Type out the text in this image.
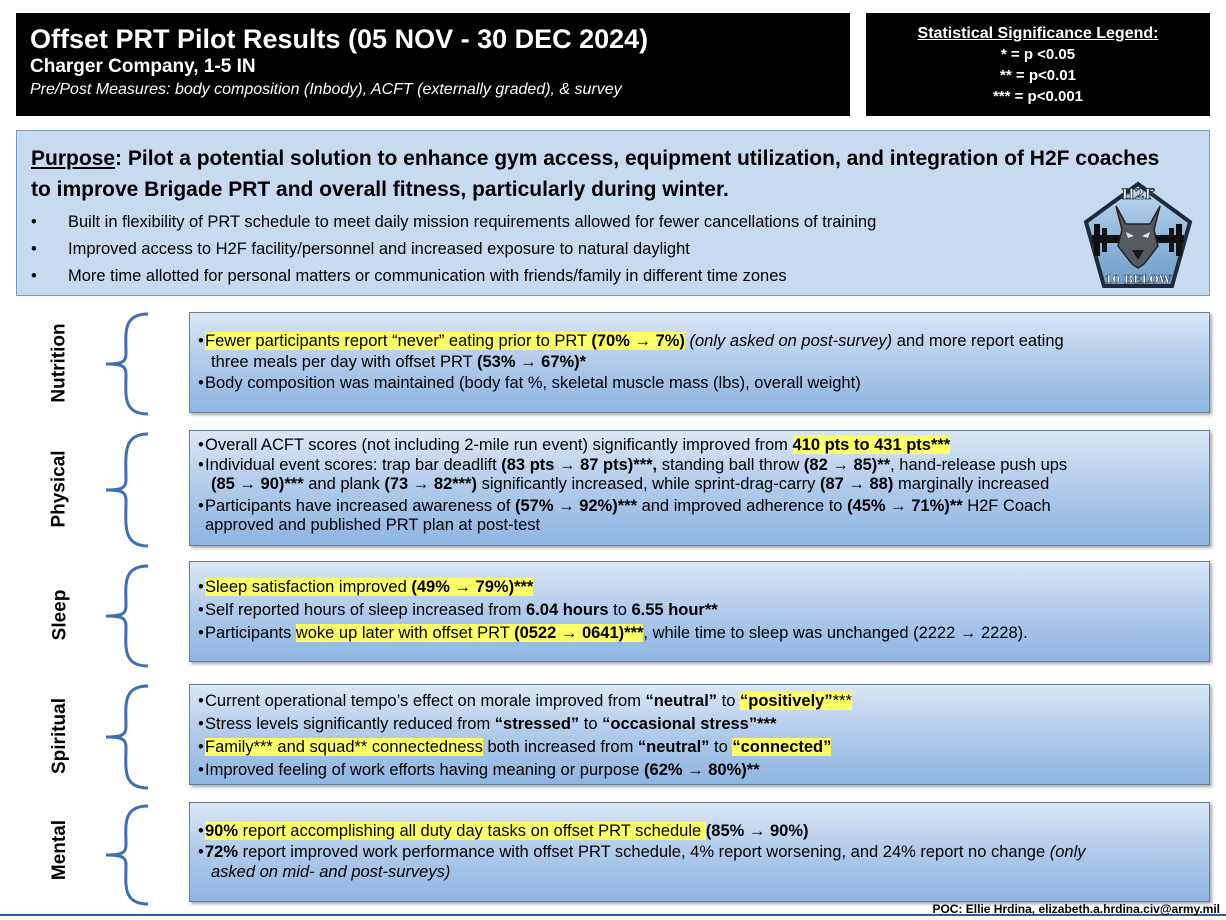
Offset PRT Pilot Results (05 NOV - 30 DEC 2024)
Charger Company, 1-5 IN
Pre/Post Measures: body composition (Inbody), ACFT (externally graded), & survey
Statistical Significance Legend:
* = p <0.05
** = p<0.01
*** = p<0.001
Purpose: Pilot a potential solution to enhance gym access, equipment utilization, and integration of H2F coaches to improve Brigade PRT and overall fitness, particularly during winter.
• Built in flexibility of PRT schedule to meet daily mission requirements allowed for fewer cancellations of training
• Improved access to H2F facility/personnel and increased exposure to natural daylight
• More time allotted for personal matters or communication with friends/family in different time zones
H2F
10 BELOW
Nutrition	• Fewer participants report “never” eating prior to PRT (70% → 7%) (only asked on post-survey) and more report eating
three meals per day with offset PRT (53% → 67%)*
• Body composition was maintained (body fat %, skeletal muscle mass (lbs), overall weight)
Physical
• Overall ACFT scores (not including 2-mile run event) significantly improved from 410 pts to 431 pts***
• Individual event scores: trap bar deadlift (83 pts → 87 pts)***, standing ball throw (82 → 85)**, hand-release push ups
(85 → 90)*** and plank (73 → 82***) significantly increased, while sprint-drag-carry (87 → 88) marginally increased
• Participants have increased awareness of (57% → 92%)*** and improved adherence to (45% → 71%)** H2F Coach
approved and published PRT plan at post-test
Sleep
• Sleep satisfaction improved (49% → 79%)***
• Self reported hours of sleep increased from 6.04 hours to 6.55 hour**
• Participants woke up later with offset PRT (0522 → 0641)***, while time to sleep was unchanged (2222 → 2228).
Spiritual	• Current operational tempo’s effect on morale improved from “neutral” to “positively”***
• Stress levels significantly reduced from “stressed” to “occasional stress”***
• Family*** and squad** connectedness both increased from “neutral” to “connected”
• Improved feeling of work efforts having meaning or purpose (62% → 80%)**
Mental	• 90% report accomplishing all duty day tasks on offset PRT schedule (85% → 90%)
• 72% report improved work performance with offset PRT schedule, 4% report worsening, and 24% report no change (only
asked on mid- and post-surveys)
POC: Ellie Hrdina, elizabeth.a.hrdina.civ@army.mil
